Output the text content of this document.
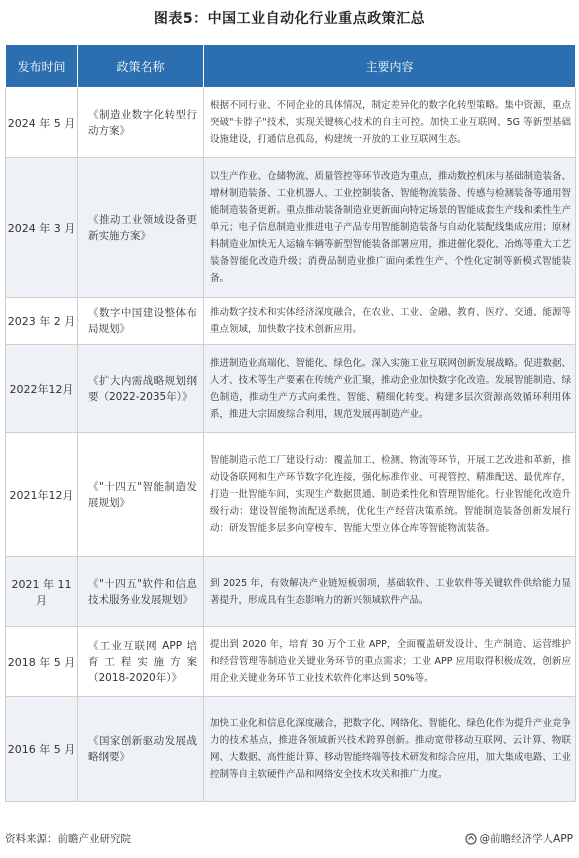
图表5：中国工业自动化行业重点政策汇总
发布时间	政策名称	主要内容
2024 年 5 月	《制造业数字化转型行动方案》	根据不同行业、不同企业的具体情况，制定差异化的数字化转型策略。集中资源，重点突破"卡脖子"技术，实现关键核心技术的自主可控。加快工业互联网、5G 等新型基础设施建设，打通信息孤岛，构建统一开放的工业互联网生态。
2024 年 3 月	《推动工业领域设备更新实施方案》	以生产作业、仓储物流、质量管控等环节改造为重点，推动数控机床与基础制造装备、增材制造装备、工业机器人、工业控制装备、智能物流装备、传感与检测装备等通用智能制造装备更新。重点推动装备制造业更新面向特定场景的智能成套生产线和柔性生产单元；电子信息制造业推进电子产品专用智能制造装备与自动化装配线集成应用；原材料制造业加快无人运输车辆等新型智能装备部署应用，推进催化裂化、冶炼等重大工艺装备智能化改造升级；消费品制造业推广面向柔性生产、个性化定制等新模式智能装备。
2023 年 2 月	《数字中国建设整体布局规划》	推动数字技术和实体经济深度融合，在农业、工业、金融、教育、医疗、交通、能源等重点领域，加快数字技术创新应用。
2022年12月	《扩大内需战略规划纲要（2022-2035年）》	推进制造业高端化、智能化、绿色化。深入实施工业互联网创新发展战略。促进数据、人才、技术等生产要素在传统产业汇聚，推动企业加快数字化改造。发展智能制造、绿色制造，推动生产方式向柔性、智能、精细化转变。构建多层次资源高效循环利用体系，推进大宗固废综合利用，规范发展再制造产业。
2021年12月	《"十四五"智能制造发展规划》	智能制造示范工厂建设行动：覆盖加工、检测、物流等环节，开展工艺改进和革新，推动设备联网和生产环节数字化连接，强化标准作业、可视管控、精准配送、最优库存，打造一批智能车间，实现生产数据贯通、制造柔性化和管理智能化。行业智能化改造升级行动：建设智能物流配送系统，优化生产经营决策系统。智能制造装备创新发展行动：研发智能多层多向穿梭车、智能大型立体仓库等智能物流装备。
2021 年 11 月	《"十四五"软件和信息技术服务业发展规划》	到 2025 年，有效解决产业链短板弱项，基础软件、工业软件等关键软件供给能力显著提升，形成具有生态影响力的新兴领域软件产品。
2018 年 5 月	《工业互联网 APP 培育工程实施方案（2018-2020年）》	提出到 2020 年，培育 30 万个工业 APP，全面覆盖研发设计、生产制造、运营维护和经营管理等制造业关键业务环节的重点需求；工业 APP 应用取得积极成效，创新应用企业关键业务环节工业技术软件化率达到 50%等。
2016 年 5 月	《国家创新驱动发展战略纲要》	加快工业化和信息化深度融合，把数字化、网络化、智能化、绿色化作为提升产业竞争力的技术基点，推进各领域新兴技术跨界创新。推动宽带移动互联网、云计算、物联网、大数据、高性能计算、移动智能终端等技术研发和综合应用，加大集成电路、工业控制等自主软硬件产品和网络安全技术攻关和推广力度。
资料来源：前瞻产业研究院	@前瞻经济学人APP
